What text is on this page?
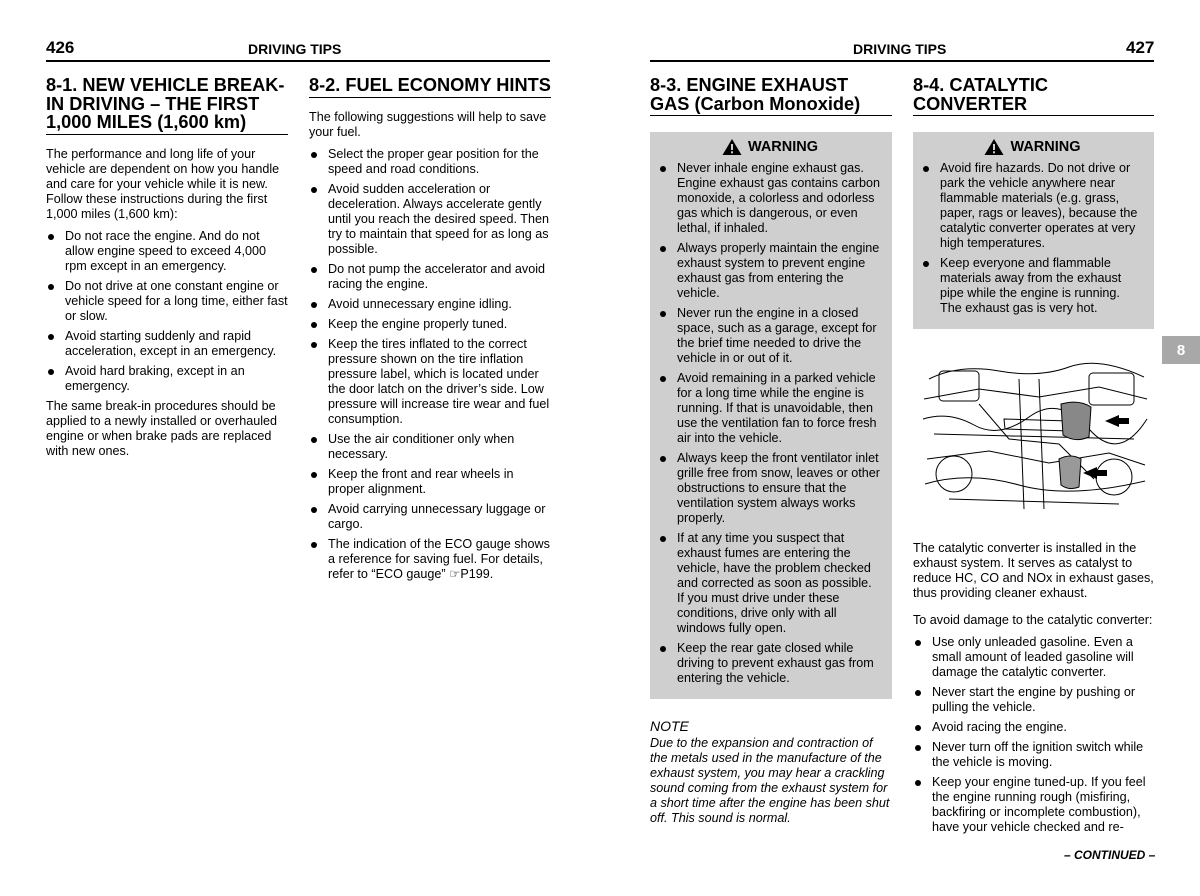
426	DRIVING TIPS	DRIVING TIPS	427
8-1. NEW VEHICLE BREAK-IN DRIVING – THE FIRST 1,000 MILES (1,600 km)

The performance and long life of your vehicle are dependent on how you handle and care for your vehicle while it is new. Follow these instructions during the first 1,000 miles (1,600 km):

Do not race the engine. And do not allow engine speed to exceed 4,000 rpm except in an emergency.
Do not drive at one constant engine or vehicle speed for a long time, either fast or slow.
Avoid starting suddenly and rapid acceleration, except in an emergency.
Avoid hard braking, except in an emergency.

The same break-in procedures should be applied to a newly installed or overhauled engine or when brake pads are replaced with new ones.

8-2. FUEL ECONOMY HINTS

The following suggestions will help to save your fuel.

Select the proper gear position for the speed and road conditions.
Avoid sudden acceleration or deceleration. Always accelerate gently until you reach the desired speed. Then try to maintain that speed for as long as possible.
Do not pump the accelerator and avoid racing the engine.
Avoid unnecessary engine idling.
Keep the engine properly tuned.
Keep the tires inflated to the correct pressure shown on the tire inflation pressure label, which is located under the door latch on the driver’s side. Low pressure will increase tire wear and fuel consumption.
Use the air conditioner only when necessary.
Keep the front and rear wheels in proper alignment.
Avoid carrying unnecessary luggage or cargo.
The indication of the ECO gauge shows a reference for saving fuel. For details, refer to “ECO gauge” ☞P199.
8-3. ENGINE EXHAUST GAS (Carbon Monoxide)
WARNING
Never inhale engine exhaust gas. Engine exhaust gas contains carbon monoxide, a colorless and odorless gas which is dangerous, or even lethal, if inhaled.
Always properly maintain the engine exhaust system to prevent engine exhaust gas from entering the vehicle.
Never run the engine in a closed space, such as a garage, except for the brief time needed to drive the vehicle in or out of it.
Avoid remaining in a parked vehicle for a long time while the engine is running. If that is unavoidable, then use the ventilation fan to force fresh air into the vehicle.
Always keep the front ventilator inlet grille free from snow, leaves or other obstructions to ensure that the ventilation system always works properly.
If at any time you suspect that exhaust fumes are entering the vehicle, have the problem checked and corrected as soon as possible. If you must drive under these conditions, drive only with all windows fully open.
Keep the rear gate closed while driving to prevent exhaust gas from entering the vehicle.

NOTE

Due to the expansion and contraction of the metals used in the manufacture of the exhaust system, you may hear a crackling sound coming from the exhaust system for a short time after the engine has been shut off. This sound is normal.

8-4. CATALYTIC CONVERTER
WARNING
Avoid fire hazards. Do not drive or park the vehicle anywhere near flammable materials (e.g. grass, paper, rags or leaves), because the catalytic converter operates at very high temperatures.
Keep everyone and flammable materials away from the exhaust pipe while the engine is running. The exhaust gas is very hot.

The catalytic converter is installed in the exhaust system. It serves as catalyst to reduce HC, CO and NOx in exhaust gases, thus providing cleaner exhaust.

To avoid damage to the catalytic converter:

Use only unleaded gasoline. Even a small amount of leaded gasoline will damage the catalytic converter.
Never start the engine by pushing or pulling the vehicle.
Avoid racing the engine.
Never turn off the ignition switch while the vehicle is moving.
Keep your engine tuned-up. If you feel the engine running rough (misfiring, backfiring or incomplete combustion), have your vehicle checked and re-
8
– CONTINUED –
